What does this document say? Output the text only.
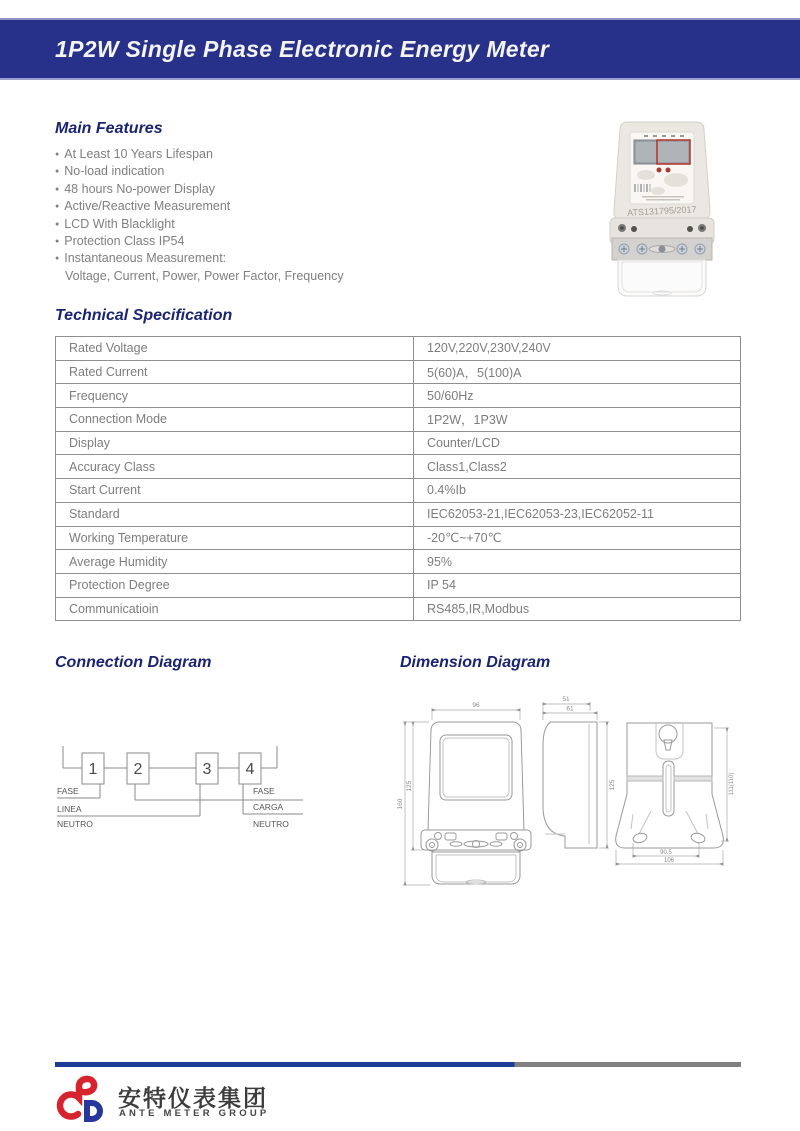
1P2W Single Phase Electronic Energy Meter
Main Features
● At Least 10 Years Lifespan
● No-load indication
● 48 hours No-power Display
● Active/Reactive Measurement
● LCD With Blacklight
● Protection Class IP54
● Instantaneous Measurement:
Voltage, Current, Power, Power Factor, Frequency
ATS131795/2017
Technical Specification
Rated Voltage	120V,220V,230V,240V
Rated Current	5(60)A，5(100)A
Frequency	50/60Hz
Connection Mode	1P2W，1P3W
Display	Counter/LCD
Accuracy Class	Class1,Class2
Start Current	0.4%Ib
Standard	IEC62053-21,IEC62053-23,IEC62052-11
Working Temperature	-20℃~+70℃
Average Humidity	95%
Protection Degree	IP 54
Communicatioin	RS485,IR,Modbus
Connection Diagram	Dimension Diagram
1 2	3 4
FASE
LINEA
NEUTRO
FASE
CARGA
NEUTRO
96
160
125
51
61
125	111(110)
90.5
106
安特仪表集团
ANTE METER GROUP
